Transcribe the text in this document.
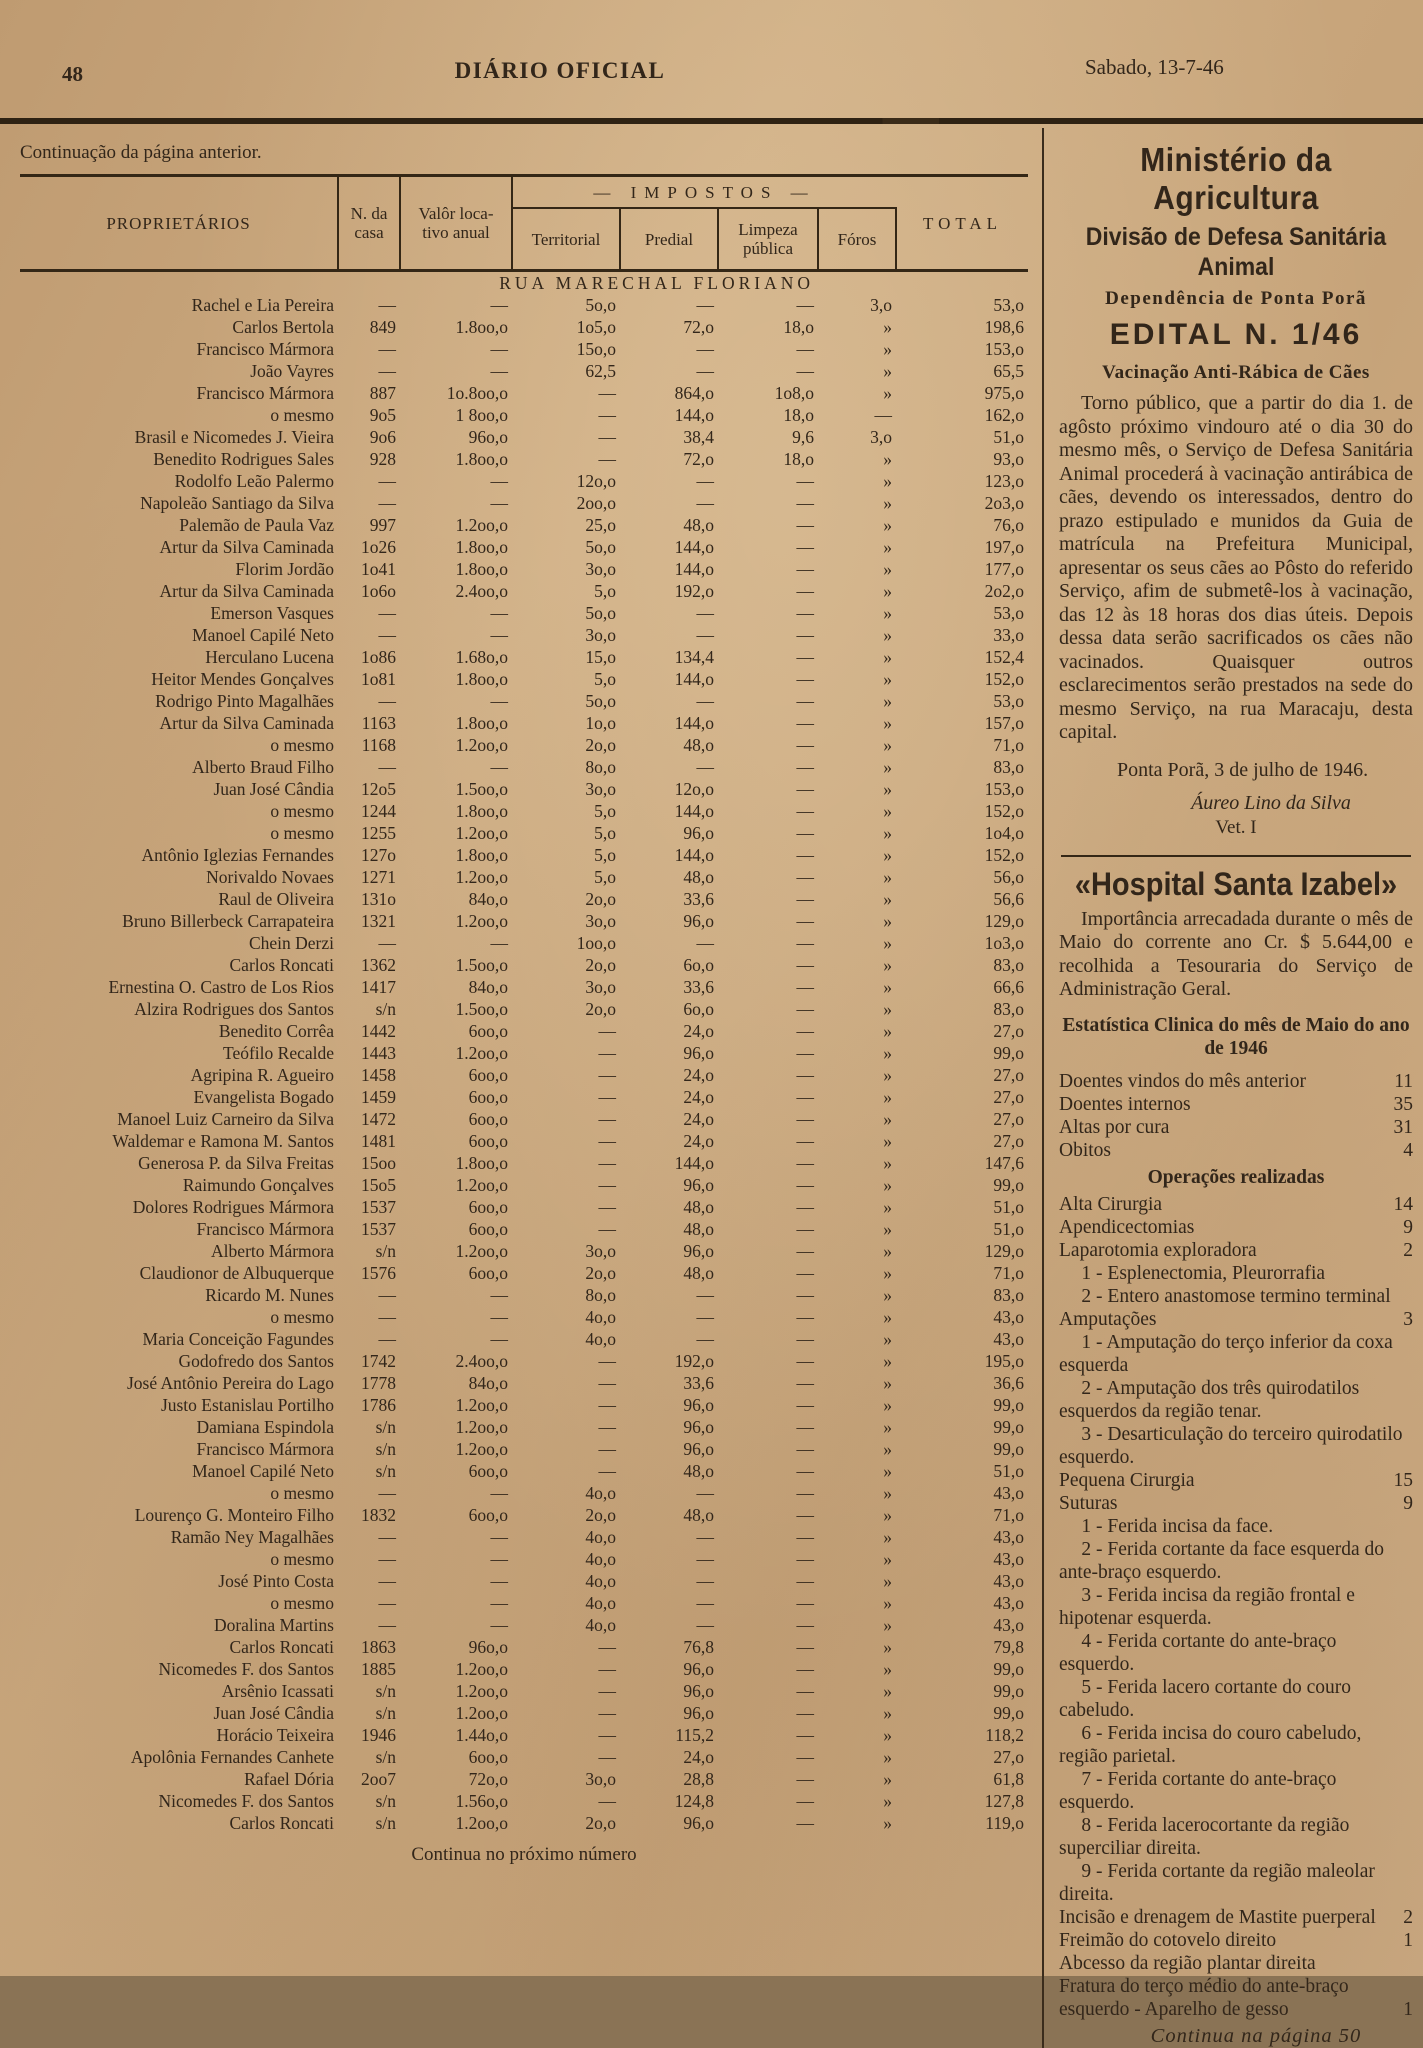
48	DIÁRIO OFICIAL	Sabado, 13-7-46
Continuação da página anterior.
PROPRIETÁRIOS	N. da
casa

Valôr loca-
tivo anual
	— IMPOSTOS —	TOTAL
			Territorial	Predial	Limpeza
pública	Fóros	
RUA MARECHAL FLORIANO							
Rachel e Lia Pereira	—	—	5o,o	—	—	3,o	53,o
Carlos Bertola	849	1.8oo,o	1o5,o	72,o	18,o	»	198,6
Francisco Mármora	—	—	15o,o	—	—	»	153,o
João Vayres	—	—	62,5	—	—	»	65,5
Francisco Mármora	887	1o.8oo,o	—	864,o	1o8,o	»	975,o
o mesmo	9o5	1 8oo,o	—	144,o	18,o	—	162,o
Brasil e Nicomedes J. Vieira	9o6	96o,o	—	38,4	9,6	3,o	51,o
Benedito Rodrigues Sales	928	1.8oo,o	—	72,o	18,o	»	93,o
Rodolfo Leão Palermo	—	—	12o,o	—	—	»	123,o
Napoleão Santiago da Silva	—	—	2oo,o	—	—	»	2o3,o
Palemão de Paula Vaz	997	1.2oo,o	25,o	48,o	—	»	76,o
Artur da Silva Caminada	1o26	1.8oo,o	5o,o	144,o	—	»	197,o
Florim Jordão	1o41	1.8oo,o	3o,o	144,o	—	»	177,o
Artur da Silva Caminada	1o6o	2.4oo,o	5,o	192,o	—	»	2o2,o
Emerson Vasques	—	—	5o,o	—	—	»	53,o
Manoel Capilé Neto	—	—	3o,o	—	—	»	33,o
Herculano Lucena	1o86	1.68o,o	15,o	134,4	—	»	152,4
Heitor Mendes Gonçalves	1o81	1.8oo,o	5,o	144,o	—	»	152,o
Rodrigo Pinto Magalhães	—	—	5o,o	—	—	»	53,o
Artur da Silva Caminada	1163	1.8oo,o	1o,o	144,o	—	»	157,o
o mesmo	1168	1.2oo,o	2o,o	48,o	—	»	71,o
Alberto Braud Filho	—	—	8o,o	—	—	»	83,o
Juan José Cândia	12o5	1.5oo,o	3o,o	12o,o	—	»	153,o
o mesmo	1244	1.8oo,o	5,o	144,o	—	»	152,o
o mesmo	1255	1.2oo,o	5,o	96,o	—	»	1o4,o
Antônio Iglezias Fernandes	127o	1.8oo,o	5,o	144,o	—	»	152,o
Norivaldo Novaes	1271	1.2oo,o	5,o	48,o	—	»	56,o
Raul de Oliveira	131o	84o,o	2o,o	33,6	—	»	56,6
Bruno Billerbeck Carrapateira	1321	1.2oo,o	3o,o	96,o	—	»	129,o
Chein Derzi	—	—	1oo,o	—	—	»	1o3,o
Carlos Roncati	1362	1.5oo,o	2o,o	6o,o	—	»	83,o
Ernestina O. Castro de Los Rios	1417	84o,o	3o,o	33,6	—	»	66,6
Alzira Rodrigues dos Santos	s/n	1.5oo,o	2o,o	6o,o	—	»	83,o
Benedito Corrêa	1442	6oo,o	—	24,o	—	»	27,o
Teófilo Recalde	1443	1.2oo,o	—	96,o	—	»	99,o
Agripina R. Agueiro	1458	6oo,o	—	24,o	—	»	27,o
Evangelista Bogado	1459	6oo,o	—	24,o	—	»	27,o
Manoel Luiz Carneiro da Silva	1472	6oo,o	—	24,o	—	»	27,o
Waldemar e Ramona M. Santos	1481	6oo,o	—	24,o	—	»	27,o
Generosa P. da Silva Freitas	15oo	1.8oo,o	—	144,o	—	»	147,6
Raimundo Gonçalves	15o5	1.2oo,o	—	96,o	—	»	99,o
Dolores Rodrigues Mármora	1537	6oo,o	—	48,o	—	»	51,o
Francisco Mármora	1537	6oo,o	—	48,o	—	»	51,o
Alberto Mármora	s/n	1.2oo,o	3o,o	96,o	—	»	129,o
Claudionor de Albuquerque	1576	6oo,o	2o,o	48,o	—	»	71,o
Ricardo M. Nunes	—	—	8o,o	—	—	»	83,o
o mesmo	—	—	4o,o	—	—	»	43,o
Maria Conceição Fagundes	—	—	4o,o	—	—	»	43,o
Godofredo dos Santos	1742	2.4oo,o	—	192,o	—	»	195,o
José Antônio Pereira do Lago	1778	84o,o	—	33,6	—	»	36,6
Justo Estanislau Portilho	1786	1.2oo,o	—	96,o	—	»	99,o
Damiana Espindola	s/n	1.2oo,o	—	96,o	—	»	99,o
Francisco Mármora	s/n	1.2oo,o	—	96,o	—	»	99,o
Manoel Capilé Neto	s/n	6oo,o	—	48,o	—	»	51,o
o mesmo	—	—	4o,o	—	—	»	43,o
Lourenço G. Monteiro Filho	1832	6oo,o	2o,o	48,o	—	»	71,o
Ramão Ney Magalhães	—	—	4o,o	—	—	»	43,o
o mesmo	—	—	4o,o	—	—	»	43,o
José Pinto Costa	—	—	4o,o	—	—	»	43,o
o mesmo	—	—	4o,o	—	—	»	43,o
Doralina Martins	—	—	4o,o	—	—	»	43,o
Carlos Roncati	1863	96o,o	—	76,8	—	»	79,8
Nicomedes F. dos Santos	1885	1.2oo,o	—	96,o	—	»	99,o
Arsênio Icassati	s/n	1.2oo,o	—	96,o	—	»	99,o
Juan José Cândia	s/n	1.2oo,o	—	96,o	—	»	99,o
Horácio Teixeira	1946	1.44o,o	—	115,2	—	»	118,2
Apolônia Fernandes Canhete	s/n	6oo,o	—	24,o	—	»	27,o
Rafael Dória	2oo7	72o,o	3o,o	28,8	—	»	61,8
Nicomedes F. dos Santos	s/n	1.56o,o	—	124,8	—	»	127,8
Carlos Roncati	s/n	1.2oo,o	2o,o	96,o	—	»	119,o
Continua no próximo número
Ministério da Agricultura
Divisão de Defesa Sanitária Animal
Dependência de Ponta Porã
EDITAL N. 1/46
Vacinação Anti-Rábica de Cães
Torno público, que a partir do dia 1. de agôsto próximo vindouro até o dia 30 do mesmo mês, o Serviço de Defesa Sanitária Animal procederá à vacinação antirábica de cães, devendo os interessados, dentro do prazo estipulado e munidos da Guia de matrícula na Prefeitura Municipal, apresentar os seus cães ao Pôsto do referido Serviço, afim de submetê-los à vacinação, das 12 às 18 horas dos dias úteis. Depois dessa data serão sacrificados os cães não vacinados. Quaisquer outros esclarecimentos serão prestados na sede do mesmo Serviço, na rua Maracaju, desta capital.
Ponta Porã, 3 de julho de 1946.
Áureo Lino da Silva
Vet. I
«Hospital Santa Izabel»
Importância arrecadada durante o mês de Maio do corrente ano Cr. $ 5.644,00 e recolhida a Tesouraria do Serviço de Administração Geral.
Estatística Clinica do mês de Maio do ano de 1946
Doentes vindos do mês anterior	11
Doentes internos	35
Altas por cura	31
Obitos	4
Operações realizadas
Alta Cirurgia	14
Apendicectomias	9
Laparotomia exploradora	2
1 - Esplenectomia, Pleurorrafia
2 - Entero anastomose termino terminal
Amputações	3
1 - Amputação do terço inferior da coxa esquerda
2 - Amputação dos três quirodatilos esquerdos da região tenar.
3 - Desarticulação do terceiro quirodatilo esquerdo.
Pequena Cirurgia	15
Suturas	9
1 - Ferida incisa da face.
2 - Ferida cortante da face esquerda do ante-braço esquerdo.
3 - Ferida incisa da região frontal e hipotenar esquerda.
4 - Ferida cortante do ante-braço esquerdo.
5 - Ferida lacero cortante do couro cabeludo.
6 - Ferida incisa do couro cabeludo, região parietal.
7 - Ferida cortante do ante-braço esquerdo.
8 - Ferida lacerocortante da região superciliar direita.
9 - Ferida cortante da região maleolar direita.
Incisão e drenagem de Mastite puerperal	2
Freimão do cotovelo direito	1
Abcesso da região plantar direita
Fratura do terço médio do ante-braço esquerdo - Aparelho de gesso	1
Continua na página 50
